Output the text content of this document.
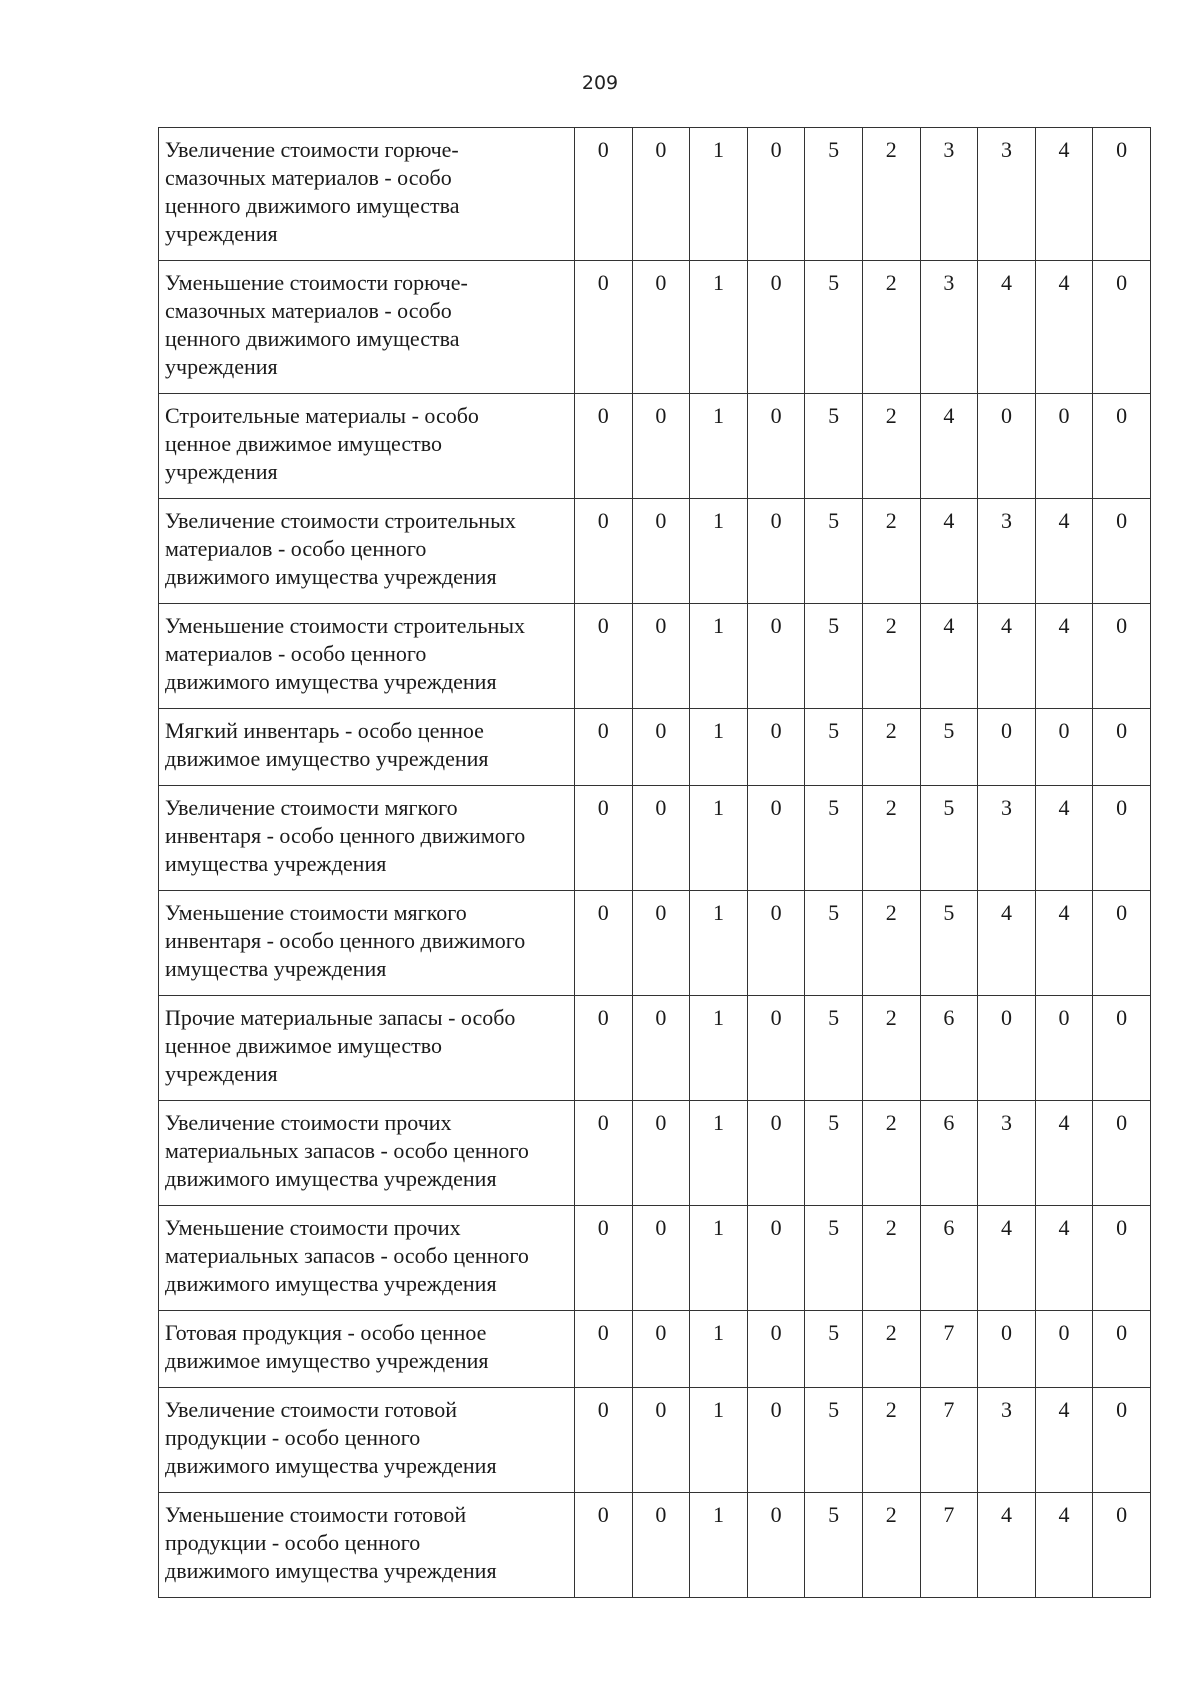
209
Увеличение стоимости горюче-
смазочных материалов - особо
ценного движимого имущества
учреждения	0	0	1	0	5	2	3	3	4	0

Уменьшение стоимости горюче-
смазочных материалов - особо
ценного движимого имущества
учреждения	0	0	1	0	5	2	3	4	4	0

Строительные материалы - особо
ценное движимое имущество
учреждения	0	0	1	0	5	2	4	0	0	0

Увеличение стоимости строительных
материалов - особо ценного
движимого имущества учреждения	0	0	1	0	5	2	4	3	4	0

Уменьшение стоимости строительных
материалов - особо ценного
движимого имущества учреждения	0	0	1	0	5	2	4	4	4	0

Мягкий инвентарь - особо ценное
движимое имущество учреждения	0	0	1	0	5	2	5	0	0	0

Увеличение стоимости мягкого
инвентаря - особо ценного движимого
имущества учреждения	0	0	1	0	5	2	5	3	4	0

Уменьшение стоимости мягкого
инвентаря - особо ценного движимого
имущества учреждения	0	0	1	0	5	2	5	4	4	0

Прочие материальные запасы - особо
ценное движимое имущество
учреждения	0	0	1	0	5	2	6	0	0	0

Увеличение стоимости прочих
материальных запасов - особо ценного
движимого имущества учреждения	0	0	1	0	5	2	6	3	4	0

Уменьшение стоимости прочих
материальных запасов - особо ценного
движимого имущества учреждения	0	0	1	0	5	2	6	4	4	0

Готовая продукция - особо ценное
движимое имущество учреждения	0	0	1	0	5	2	7	0	0	0

Увеличение стоимости готовой
продукции - особо ценного
движимого имущества учреждения	0	0	1	0	5	2	7	3	4	0

Уменьшение стоимости готовой
продукции - особо ценного
движимого имущества учреждения	0	0	1	0	5	2	7	4	4	0
